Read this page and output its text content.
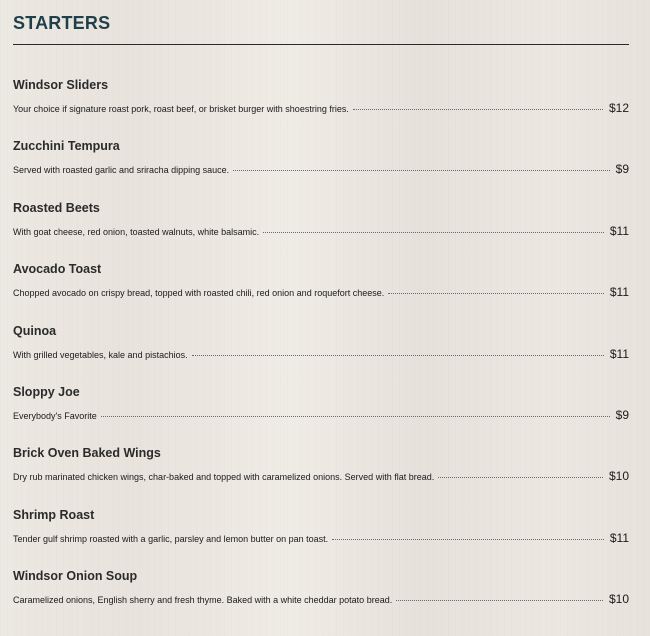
STARTERS
Windsor Sliders
Your choice if signature roast pork, roast beef, or brisket burger with shoestring fries.	$12
Zucchini Tempura
Served with roasted garlic and sriracha dipping sauce.	$9
Roasted Beets
With goat cheese, red onion, toasted walnuts, white balsamic.	$11
Avocado Toast
Chopped avocado on crispy bread, topped with roasted chili, red onion and roquefort cheese.	$11
Quinoa
With grilled vegetables, kale and pistachios.	$11
Sloppy Joe
Everybody's Favorite	$9
Brick Oven Baked Wings
Dry rub marinated chicken wings, char-baked and topped with caramelized onions. Served with flat bread.	$10
Shrimp Roast
Tender gulf shrimp roasted with a garlic, parsley and lemon butter on pan toast.	$11
Windsor Onion Soup
Caramelized onions, English sherry and fresh thyme. Baked with a white cheddar potato bread.	$10
